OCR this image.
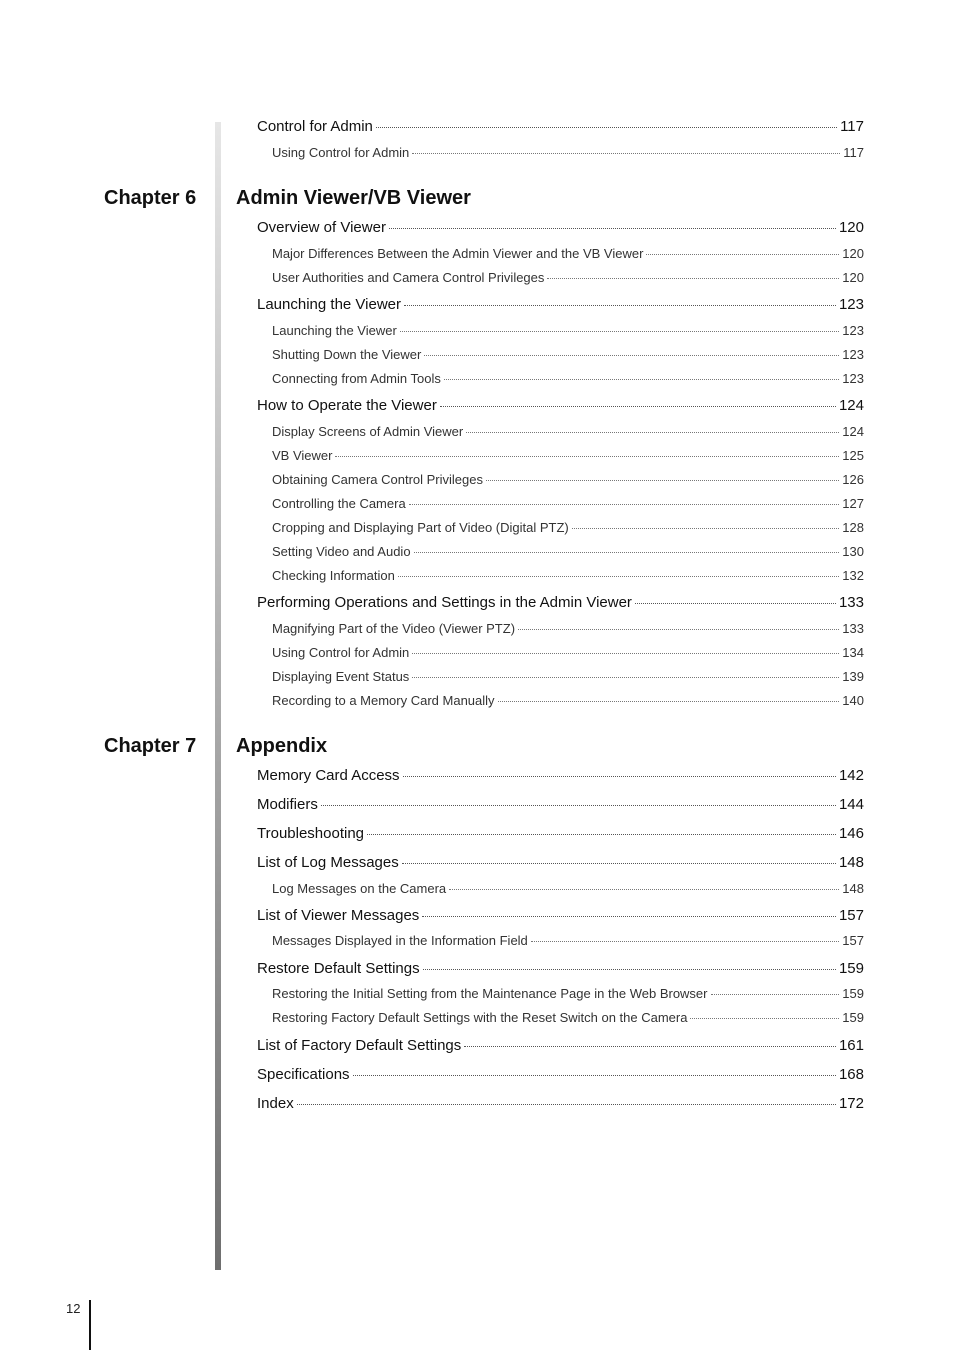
Control for Admin	117
Using Control for Admin	117
Chapter 6 Admin Viewer/VB Viewer
Overview of Viewer	120
Major Differences Between the Admin Viewer and the VB Viewer	120
User Authorities and Camera Control Privileges	120
Launching the Viewer	123
Launching the Viewer	123
Shutting Down the Viewer	123
Connecting from Admin Tools	123
How to Operate the Viewer	124
Display Screens of Admin Viewer	124
VB Viewer	125
Obtaining Camera Control Privileges	126
Controlling the Camera	127
Cropping and Displaying Part of Video (Digital PTZ)	128
Setting Video and Audio	130
Checking Information	132
Performing Operations and Settings in the Admin Viewer	133
Magnifying Part of the Video (Viewer PTZ)	133
Using Control for Admin	134
Displaying Event Status	139
Recording to a Memory Card Manually	140
Chapter 7 Appendix
Memory Card Access	142
Modifiers	144
Troubleshooting	146
List of Log Messages	148
Log Messages on the Camera	148
List of Viewer Messages	157
Messages Displayed in the Information Field	157
Restore Default Settings	159
Restoring the Initial Setting from the Maintenance Page in the Web Browser	159
Restoring Factory Default Settings with the Reset Switch on the Camera	159
List of Factory Default Settings	161
Specifications	168
Index	172
12
